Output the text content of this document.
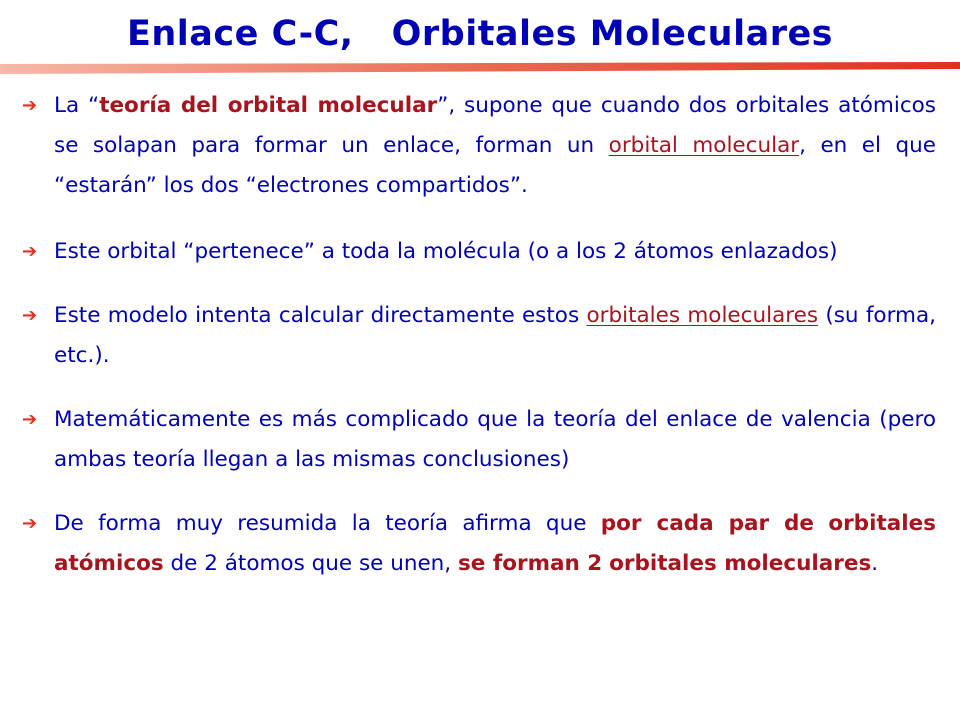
Enlace C-C,   Orbitales Moleculares
➔ La “teoría del orbital molecular”, supone que cuando dos orbitales atómicos se solapan para formar un enlace, forman un orbital molecular, en el que “estarán” los dos “electrones compartidos”.
➔ Este orbital “pertenece” a toda la molécula (o a los 2 átomos enlazados)
➔ Este modelo intenta calcular directamente estos orbitales moleculares (su forma, etc.).
➔ Matemáticamente es más complicado que la teoría del enlace de valencia (pero ambas teoría llegan a las mismas conclusiones)
➔ De forma muy resumida la teoría afirma que por cada par de orbitales atómicos de 2 átomos que se unen, se forman 2 orbitales moleculares.
